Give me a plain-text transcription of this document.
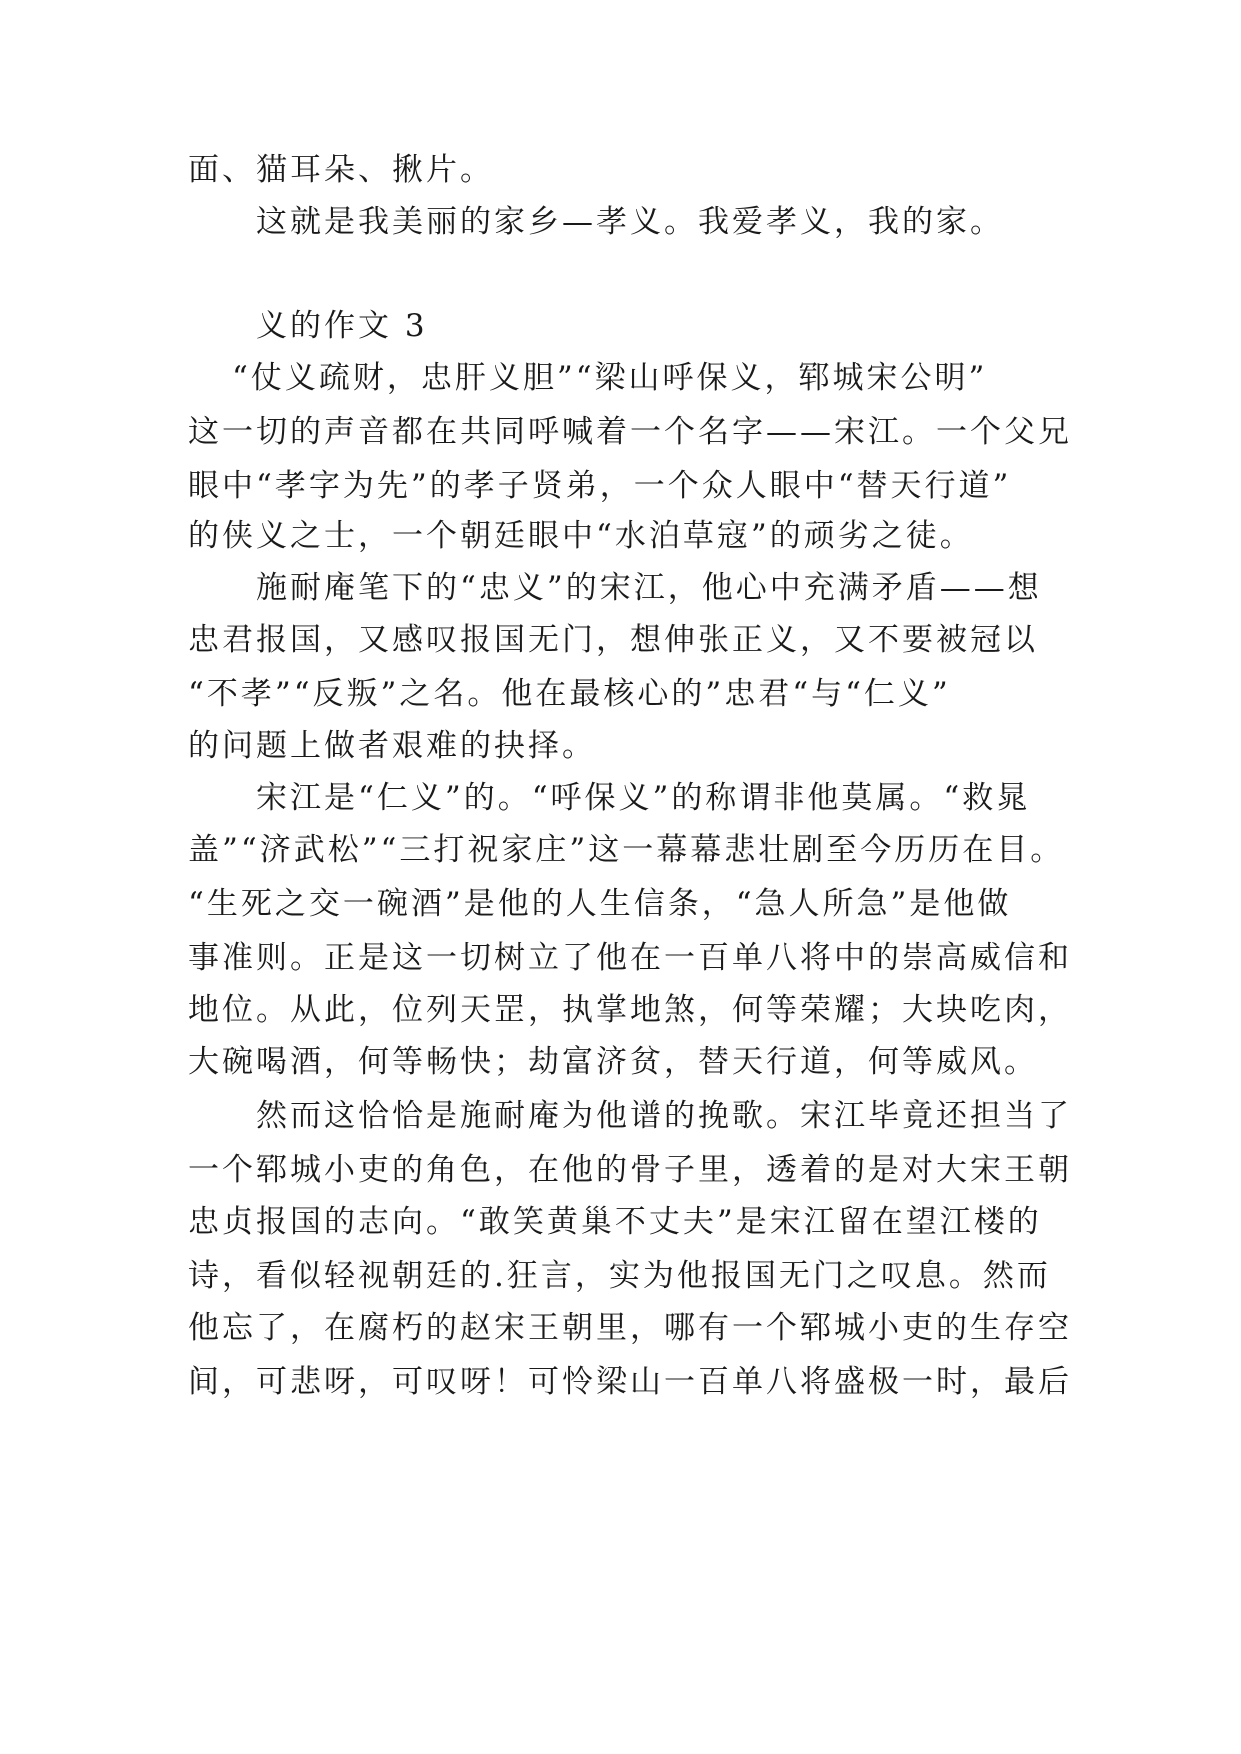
面、猫耳朵、揪片。
这就是我美丽的家乡—孝义。我爱孝义，我的家。
义的作文 3
“仗义疏财，忠肝义胆”“梁山呼保义，郓城宋公明”
这一切的声音都在共同呼喊着一个名字——宋江。一个父兄
眼中“孝字为先”的孝子贤弟，一个众人眼中“替天行道”
的侠义之士，一个朝廷眼中“水泊草寇”的顽劣之徒。
施耐庵笔下的“忠义”的宋江，他心中充满矛盾——想
忠君报国，又感叹报国无门，想伸张正义，又不要被冠以
“不孝”“反叛”之名。他在最核心的”忠君“与“仁义”
的问题上做者艰难的抉择。
宋江是“仁义”的。“呼保义”的称谓非他莫属。“救晁
盖”“济武松”“三打祝家庄”这一幕幕悲壮剧至今历历在目。
“生死之交一碗酒”是他的人生信条，“急人所急”是他做
事准则。正是这一切树立了他在一百单八将中的崇高威信和
地位。从此，位列天罡，执掌地煞，何等荣耀；大块吃肉，
大碗喝酒，何等畅快；劫富济贫，替天行道，何等威风。
然而这恰恰是施耐庵为他谱的挽歌。宋江毕竟还担当了
一个郓城小吏的角色，在他的骨子里，透着的是对大宋王朝
忠贞报国的志向。“敢笑黄巢不丈夫”是宋江留在望江楼的
诗，看似轻视朝廷的.狂言，实为他报国无门之叹息。然而
他忘了，在腐朽的赵宋王朝里，哪有一个郓城小吏的生存空
间，可悲呀，可叹呀！可怜梁山一百单八将盛极一时，最后
